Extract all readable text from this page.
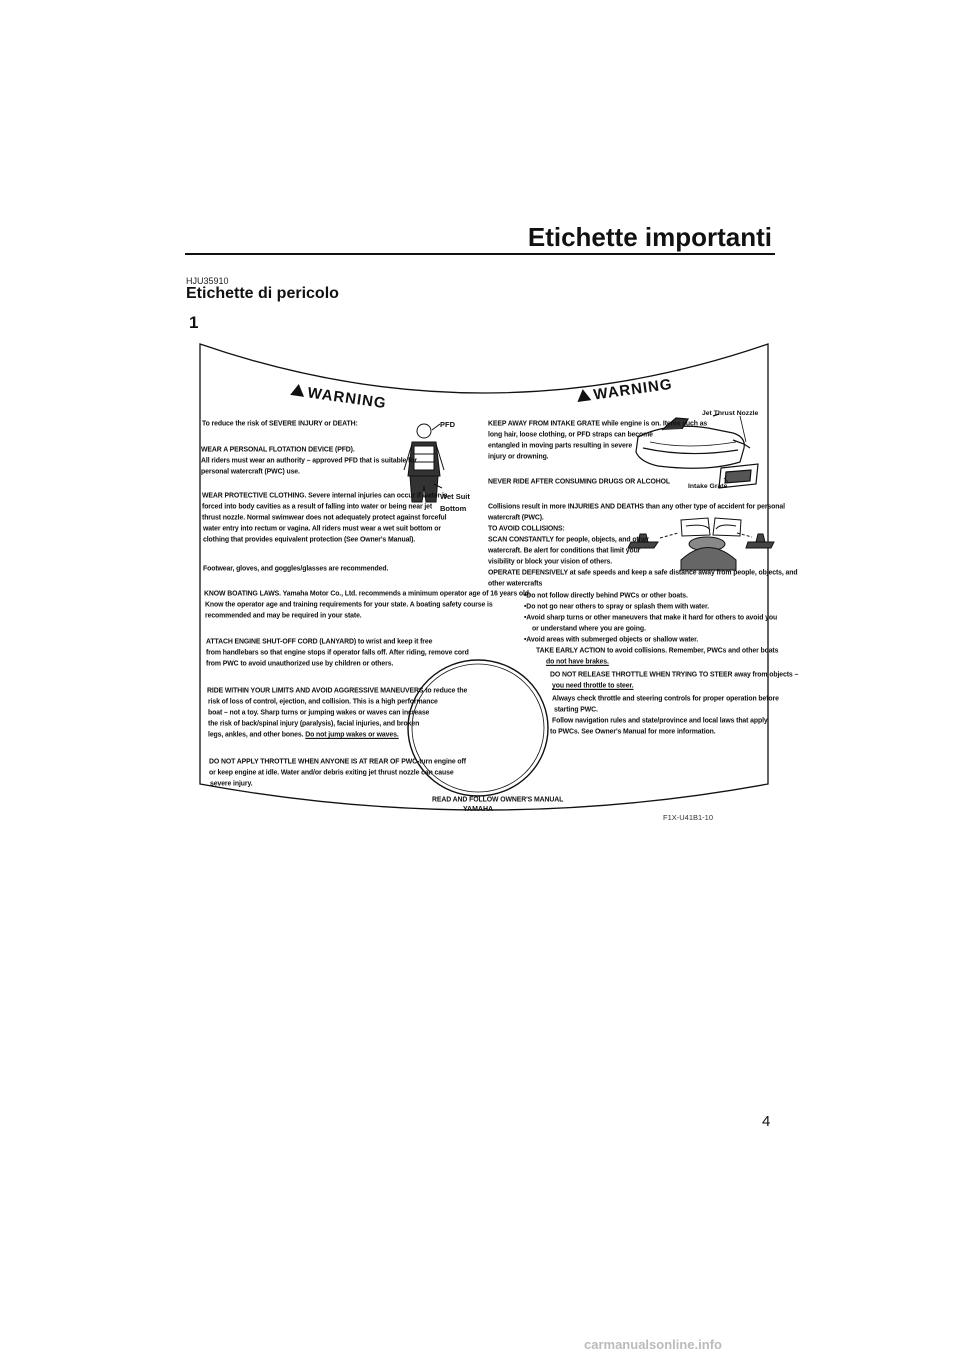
Etichette importanti
HJU35910
Etichette di pericolo
1
WARNING	WARNING
PFD
Wet Suit
Bottom
Jet Thrust Nozzle
Intake Grate
To reduce the risk of SEVERE INJURY or DEATH:
WEAR A PERSONAL FLOTATION DEVICE (PFD).
All riders must wear an authority – approved PFD that is suitable for
personal watercraft (PWC) use.
WEAR PROTECTIVE CLOTHING. Severe internal injuries can occur if water is
forced into body cavities as a result of falling into water or being near jet
thrust nozzle. Normal swimwear does not adequately protect against forceful
water entry into rectum or vagina. All riders must wear a wet suit bottom or
clothing that provides equivalent protection (See Owner's Manual).
Footwear, gloves, and goggles/glasses are recommended.
KNOW BOATING LAWS. Yamaha Motor Co., Ltd. recommends a minimum operator age of 16 years old.
Know the operator age and training requirements for your state. A boating safety course is
recommended and may be required in your state.
ATTACH ENGINE SHUT-OFF CORD (LANYARD) to wrist and keep it free
from handlebars so that engine stops if operator falls off. After riding, remove cord
from PWC to avoid unauthorized use by children or others.
RIDE WITHIN YOUR LIMITS AND AVOID AGGRESSIVE MANEUVERS to reduce the
risk of loss of control, ejection, and collision. This is a high performance
boat – not a toy. Sharp turns or jumping wakes or waves can increase
the risk of back/spinal injury (paralysis), facial injuries, and broken
legs, ankles, and other bones. Do not jump wakes or waves.
DO NOT APPLY THROTTLE WHEN ANYONE IS AT REAR OF PWC-turn engine off
or keep engine at idle. Water and/or debris exiting jet thrust nozzle can cause
severe injury.
KEEP AWAY FROM INTAKE GRATE while engine is on. Items such as
long hair, loose clothing, or PFD straps can become
entangled in moving parts resulting in severe
injury or drowning.
NEVER RIDE AFTER CONSUMING DRUGS OR ALCOHOL
Collisions result in more INJURIES AND DEATHS than any other type of accident for personal
watercraft (PWC).
TO AVOID COLLISIONS:
SCAN CONSTANTLY for people, objects, and other
watercraft. Be alert for conditions that limit your
visibility or block your vision of others.
OPERATE DEFENSIVELY at safe speeds and keep a safe distance away from people, objects, and
other watercrafts
•Do not follow directly behind PWCs or other boats.
•Do not go near others to spray or splash them with water.
•Avoid sharp turns or other maneuvers that make it hard for others to avoid you
or understand where you are going.
•Avoid areas with submerged objects or shallow water.
TAKE EARLY ACTION to avoid collisions. Remember, PWCs and other boats
do not have brakes.
DO NOT RELEASE THROTTLE WHEN TRYING TO STEER away from objects –
you need throttle to steer.
Always check throttle and steering controls for proper operation before
starting PWC.
Follow navigation rules and state/province and local laws that apply
to PWCs. See Owner's Manual for more information.
READ AND FOLLOW OWNER'S MANUAL
YAMAHA
F1X-U41B1-10
4
carmanualsonline.info
